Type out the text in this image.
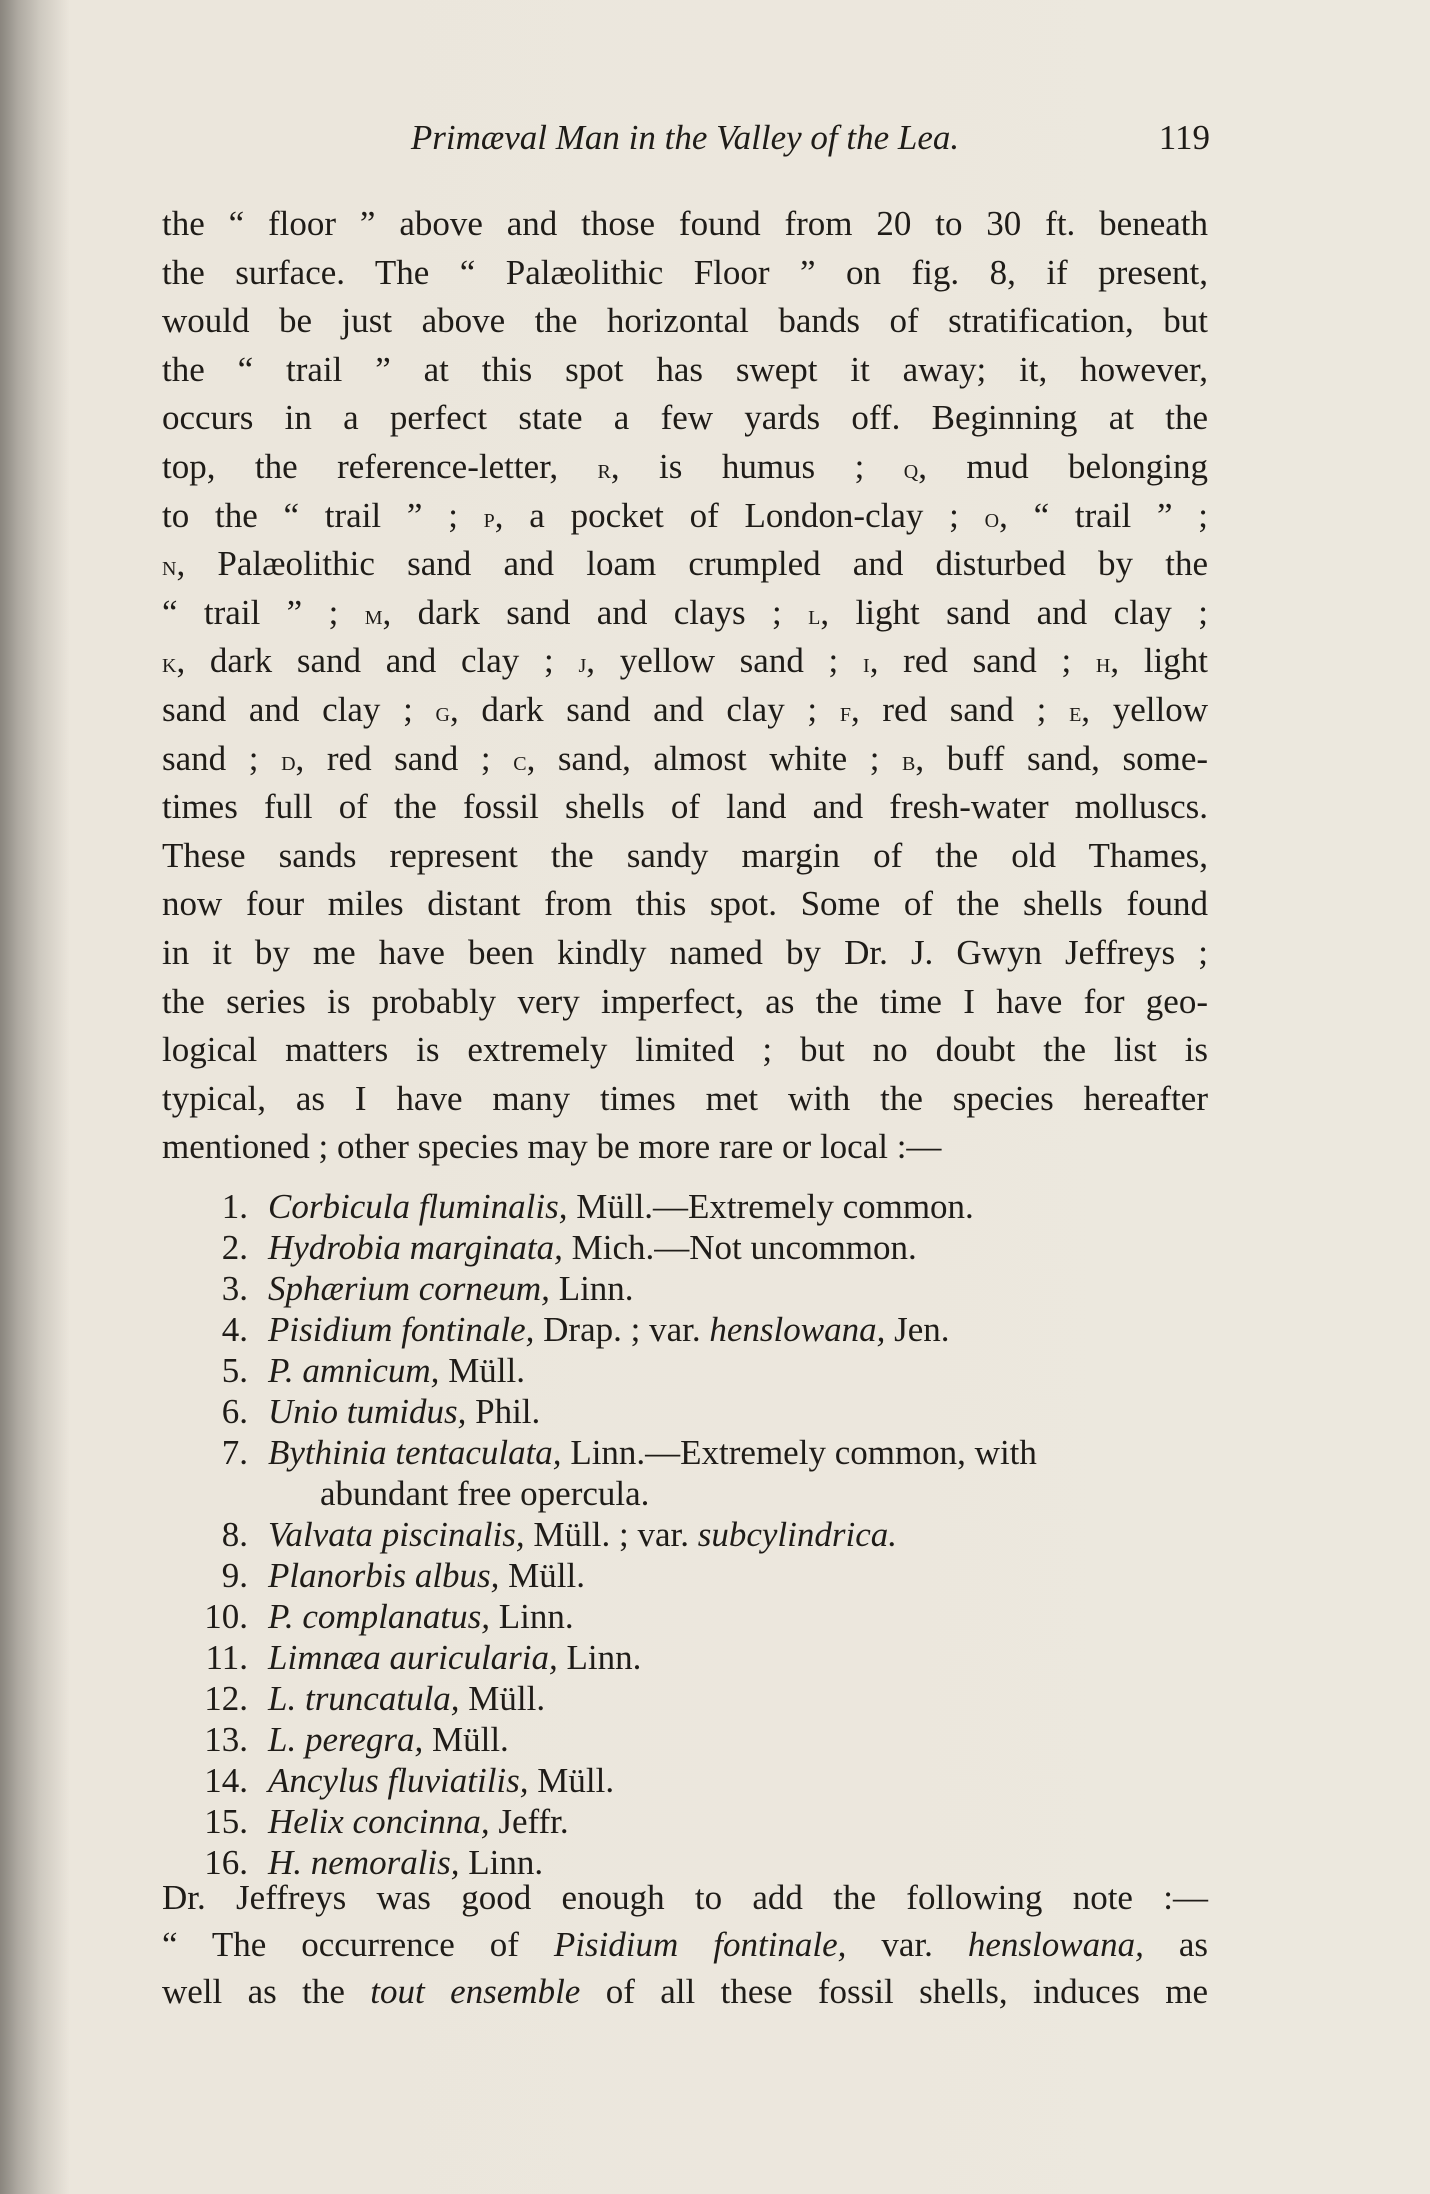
Primæval Man in the Valley of the Lea.	119
the “ floor ” above and those found from 20 to 30 ft. beneath
the surface. The “ Palæolithic Floor ” on fig. 8, if present,
would be just above the horizontal bands of stratification, but
the “ trail ” at this spot has swept it away; it, however,
occurs in a perfect state a few yards off. Beginning at the
top, the reference-letter, r, is humus ; q, mud belonging
to the “ trail ” ; p, a pocket of London-clay ; o, “ trail ” ;
n, Palæolithic sand and loam crumpled and disturbed by the
“ trail ” ; m, dark sand and clays ; l, light sand and clay ;
k, dark sand and clay ; j, yellow sand ; i, red sand ; h, light
sand and clay ; g, dark sand and clay ; f, red sand ; e, yellow
sand ; d, red sand ; c, sand, almost white ; b, buff sand, some-
times full of the fossil shells of land and fresh-water molluscs.
These sands represent the sandy margin of the old Thames,
now four miles distant from this spot. Some of the shells found
in it by me have been kindly named by Dr. J. Gwyn Jeffreys ;
the series is probably very imperfect, as the time I have for geo-
logical matters is extremely limited ; but no doubt the list is
typical, as I have many times met with the species hereafter
mentioned ; other species may be more rare or local :—
1. Corbicula fluminalis, Müll.—Extremely common.
2. Hydrobia marginata, Mich.—Not uncommon.
3. Sphærium corneum, Linn.
4. Pisidium fontinale, Drap. ; var. henslowana, Jen.
5. P. amnicum, Müll.
6. Unio tumidus, Phil.
7. Bythinia tentaculata, Linn.—Extremely common, with
abundant free opercula.
8. Valvata piscinalis, Müll. ; var. subcylindrica.
9. Planorbis albus, Müll.
10. P. complanatus, Linn.
11. Limnæa auricularia, Linn.
12. L. truncatula, Müll.
13. L. peregra, Müll.
14. Ancylus fluviatilis, Müll.
15. Helix concinna, Jeffr.
16. H. nemoralis, Linn.
Dr. Jeffreys was good enough to add the following note :—
“ The occurrence of Pisidium fontinale, var. henslowana, as
well as the tout ensemble of all these fossil shells, induces me
